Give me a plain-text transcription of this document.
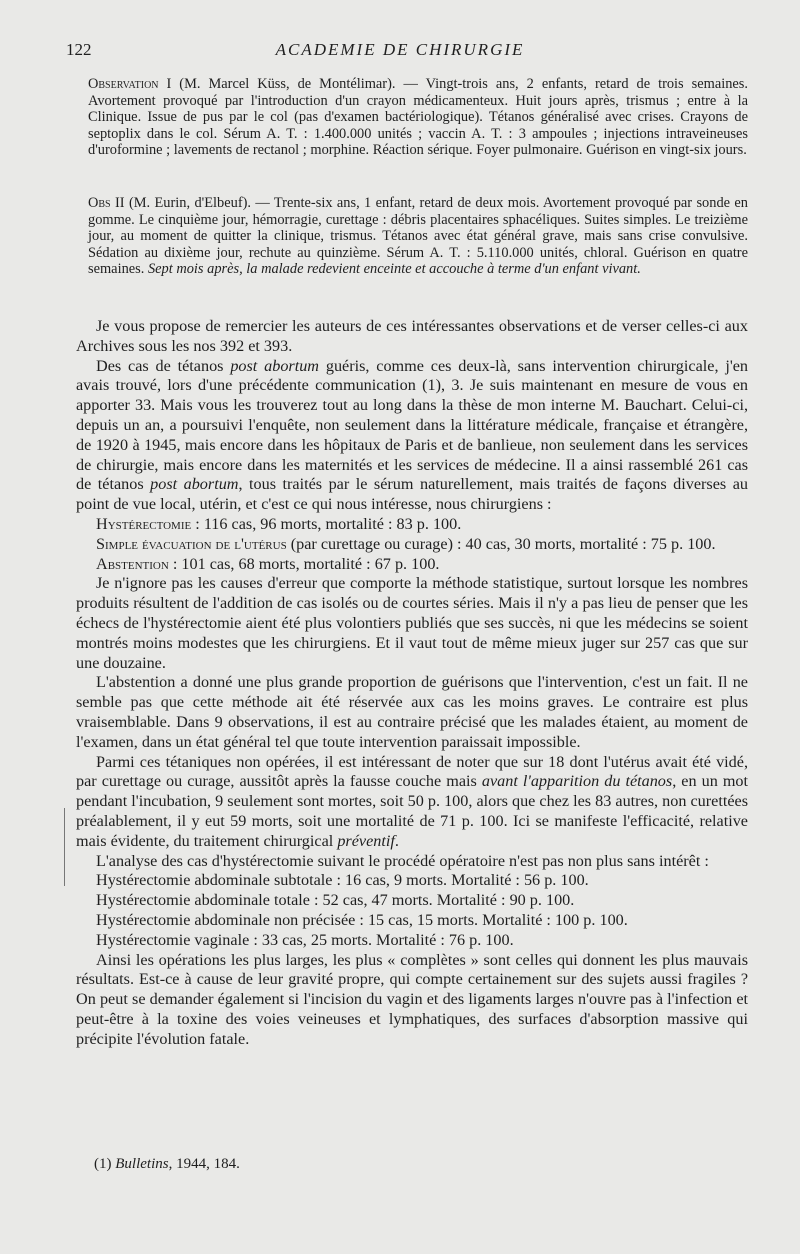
122	ACADEMIE DE CHIRURGIE
Observation I (M. Marcel Küss, de Montélimar). — Vingt-trois ans, 2 enfants, retard de trois semaines. Avortement provoqué par l'introduction d'un crayon médicamenteux. Huit jours après, trismus ; entre à la Clinique. Issue de pus par le col (pas d'examen bactériologique). Tétanos généralisé avec crises. Crayons de septoplix dans le col. Sérum A. T. : 1.400.000 unités ; vaccin A. T. : 3 ampoules ; injections intraveineuses d'uroformine ; lavements de rectanol ; morphine. Réaction sérique. Foyer pulmonaire. Guérison en vingt-six jours.
Obs II (M. Eurin, d'Elbeuf). — Trente-six ans, 1 enfant, retard de deux mois. Avortement provoqué par sonde en gomme. Le cinquième jour, hémorragie, curettage : débris placentaires sphacéliques. Suites simples. Le treizième jour, au moment de quitter la clinique, trismus. Tétanos avec état général grave, mais sans crise convulsive. Sédation au dixième jour, rechute au quinzième. Sérum A. T. : 5.110.000 unités, chloral. Guérison en quatre semaines. Sept mois après, la malade redevient enceinte et accouche à terme d'un enfant vivant.

Je vous propose de remercier les auteurs de ces intéressantes observations et de verser celles-ci aux Archives sous les nos 392 et 393.

Des cas de tétanos post abortum guéris, comme ces deux-là, sans intervention chirurgicale, j'en avais trouvé, lors d'une précédente communication (1), 3. Je suis maintenant en mesure de vous en apporter 33. Mais vous les trouverez tout au long dans la thèse de mon interne M. Bauchart. Celui-ci, depuis un an, a poursuivi l'enquête, non seulement dans la littérature médicale, française et étrangère, de 1920 à 1945, mais encore dans les hôpitaux de Paris et de banlieue, non seulement dans les services de chirurgie, mais encore dans les maternités et les services de médecine. Il a ainsi rassemblé 261 cas de tétanos post abortum, tous traités par le sérum naturellement, mais traités de façons diverses au point de vue local, utérin, et c'est ce qui nous intéresse, nous chirurgiens :

Hystérectomie : 116 cas, 96 morts, mortalité : 83 p. 100.

Simple évacuation de l'utérus (par curettage ou curage) : 40 cas, 30 morts, mortalité : 75 p. 100.

Abstention : 101 cas, 68 morts, mortalité : 67 p. 100.

Je n'ignore pas les causes d'erreur que comporte la méthode statistique, surtout lorsque les nombres produits résultent de l'addition de cas isolés ou de courtes séries. Mais il n'y a pas lieu de penser que les échecs de l'hystérectomie aient été plus volontiers publiés que ses succès, ni que les médecins se soient montrés moins modestes que les chirurgiens. Et il vaut tout de même mieux juger sur 257 cas que sur une douzaine.

L'abstention a donné une plus grande proportion de guérisons que l'intervention, c'est un fait. Il ne semble pas que cette méthode ait été réservée aux cas les moins graves. Le contraire est plus vraisemblable. Dans 9 observations, il est au contraire précisé que les malades étaient, au moment de l'examen, dans un état général tel que toute intervention paraissait impossible.

Parmi ces tétaniques non opérées, il est intéressant de noter que sur 18 dont l'utérus avait été vidé, par curettage ou curage, aussitôt après la fausse couche mais avant l'apparition du tétanos, en un mot pendant l'incubation, 9 seulement sont mortes, soit 50 p. 100, alors que chez les 83 autres, non curettées préalablement, il y eut 59 morts, soit une mortalité de 71 p. 100. Ici se manifeste l'efficacité, relative mais évidente, du traitement chirurgical préventif.

L'analyse des cas d'hystérectomie suivant le procédé opératoire n'est pas non plus sans intérêt :

Hystérectomie abdominale subtotale : 16 cas, 9 morts. Mortalité : 56 p. 100.

Hystérectomie abdominale totale : 52 cas, 47 morts. Mortalité : 90 p. 100.

Hystérectomie abdominale non précisée : 15 cas, 15 morts. Mortalité : 100 p. 100.

Hystérectomie vaginale : 33 cas, 25 morts. Mortalité : 76 p. 100.

Ainsi les opérations les plus larges, les plus « complètes » sont celles qui donnent les plus mauvais résultats. Est-ce à cause de leur gravité propre, qui compte certainement sur des sujets aussi fragiles ? On peut se demander également si l'incision du vagin et des ligaments larges n'ouvre pas à l'infection et peut-être à la toxine des voies veineuses et lymphatiques, des surfaces d'absorption massive qui précipite l'évolution fatale.

(1) Bulletins, 1944, 184.
